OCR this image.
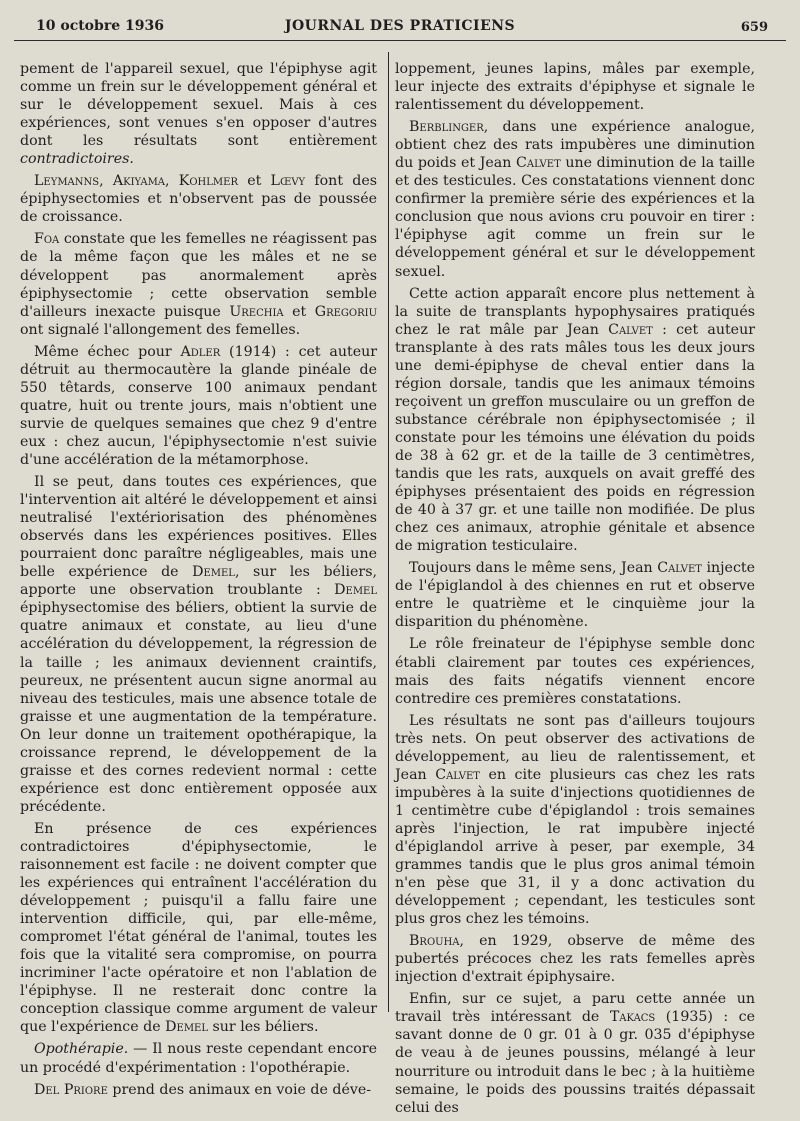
10 octobre 1936	JOURNAL DES PRATICIENS	659

pement de l'appareil sexuel, que l'épiphyse agit comme un frein sur le développement général et sur le développement sexuel. Mais à ces expériences, sont venues s'en opposer d'autres dont les résultats sont entièrement contradictoires.

Leymanns, Akiyama, Kohlmer et Lœvy font des épiphysectomies et n'observent pas de poussée de croissance.

Foa constate que les femelles ne réagissent pas de la même façon que les mâles et ne se développent pas anormalement après épiphysectomie ; cette observation semble d'ailleurs inexacte puisque Urechia et Gregoriu ont signalé l'allongement des femelles.

Même échec pour Adler (1914) : cet auteur détruit au thermocautère la glande pinéale de 550 têtards, conserve 100 animaux pendant quatre, huit ou trente jours, mais n'obtient une survie de quelques semaines que chez 9 d'entre eux : chez aucun, l'épiphysectomie n'est suivie d'une accélération de la métamorphose.

Il se peut, dans toutes ces expériences, que l'intervention ait altéré le développement et ainsi neutralisé l'extériorisation des phénomènes observés dans les expériences positives. Elles pourraient donc paraître négligeables, mais une belle expérience de Demel, sur les béliers, apporte une observation troublante : Demel épiphysectomise des béliers, obtient la survie de quatre animaux et constate, au lieu d'une accélération du développement, la régression de la taille ; les animaux deviennent craintifs, peureux, ne présentent aucun signe anormal au niveau des testicules, mais une absence totale de graisse et une augmentation de la température. On leur donne un traitement opothérapique, la croissance reprend, le développement de la graisse et des cornes redevient normal : cette expérience est donc entièrement opposée aux précédente.

En présence de ces expériences contradictoires d'épiphysectomie, le raisonnement est facile : ne doivent compter que les expériences qui entraînent l'accélération du développement ; puisqu'il a fallu faire une intervention difficile, qui, par elle-même, compromet l'état général de l'animal, toutes les fois que la vitalité sera compromise, on pourra incriminer l'acte opératoire et non l'ablation de l'épiphyse. Il ne resterait donc contre la conception classique comme argument de valeur que l'expérience de Demel sur les béliers.

Opothérapie. — Il nous reste cependant encore un procédé d'expérimentation : l'opothérapie.

Del Priore prend des animaux en voie de déve-

loppement, jeunes lapins, mâles par exemple, leur injecte des extraits d'épiphyse et signale le ralentissement du développement.

Berblinger, dans une expérience analogue, obtient chez des rats impubères une diminution du poids et Jean Calvet une diminution de la taille et des testicules. Ces constatations viennent donc confirmer la première série des expériences et la conclusion que nous avions cru pouvoir en tirer : l'épiphyse agit comme un frein sur le développement général et sur le développement sexuel.

Cette action apparaît encore plus nettement à la suite de transplants hypophysaires pratiqués chez le rat mâle par Jean Calvet : cet auteur transplante à des rats mâles tous les deux jours une demi-épiphyse de cheval entier dans la région dorsale, tandis que les animaux témoins reçoivent un greffon musculaire ou un greffon de substance cérébrale non épiphysectomisée ; il constate pour les témoins une élévation du poids de 38 à 62 gr. et de la taille de 3 centimètres, tandis que les rats, auxquels on avait greffé des épiphyses présentaient des poids en régression de 40 à 37 gr. et une taille non modifiée. De plus chez ces animaux, atrophie génitale et absence de migration testiculaire.

Toujours dans le même sens, Jean Calvet injecte de l'épiglandol à des chiennes en rut et observe entre le quatrième et le cinquième jour la disparition du phénomène.

Le rôle freinateur de l'épiphyse semble donc établi clairement par toutes ces expériences, mais des faits négatifs viennent encore contredire ces premières constatations.

Les résultats ne sont pas d'ailleurs toujours très nets. On peut observer des activations de développement, au lieu de ralentissement, et Jean Calvet en cite plusieurs cas chez les rats impubères à la suite d'injections quotidiennes de 1 centimètre cube d'épiglandol : trois semaines après l'injection, le rat impubère injecté d'épiglandol arrive à peser, par exemple, 34 grammes tandis que le plus gros animal témoin n'en pèse que 31, il y a donc activation du développement ; cependant, les testicules sont plus gros chez les témoins.

Brouha, en 1929, observe de même des pubertés précoces chez les rats femelles après injection d'extrait épiphysaire.

Enfin, sur ce sujet, a paru cette année un travail très intéressant de Takacs (1935) : ce savant donne de 0 gr. 01 à 0 gr. 035 d'épiphyse de veau à de jeunes poussins, mélangé à leur nourriture ou introduit dans le bec ; à la huitième semaine, le poids des poussins traités dépassait celui des
